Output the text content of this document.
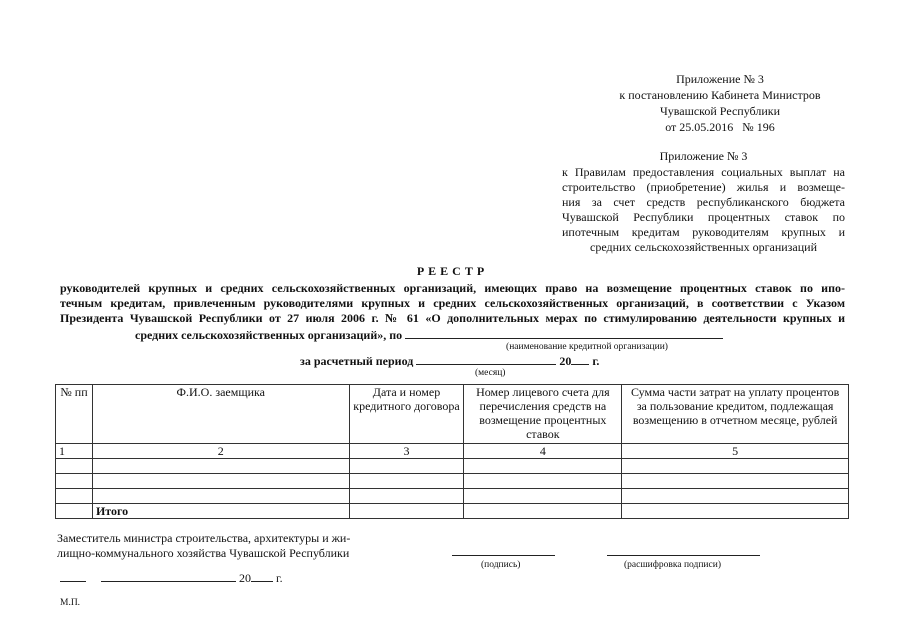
Приложение № 3
к постановлению Кабинета Министров
Чувашской Республики
от 25.05.2016   № 196
Приложение № 3
к Правилам предоставления социальных выплат на
строительство (приобретение) жилья и возмеще-
ния за счет средств республиканского бюджета
Чувашской Республики процентных ставок по
ипотечным кредитам руководителям крупных и
средних сельскохозяйственных организаций
РЕЕСТР
руководителей крупных и средних сельскохозяйственных организаций, имеющих право на возмещение процентных ставок по ипо-
течным кредитам, привлеченным руководителями крупных и средних сельскохозяйственных организаций, в соответствии с Указом
Президента Чувашской Республики от 27 июля 2006 г. № 61 «О дополнительных мерах по стимулированию деятельности крупных и
средних сельскохозяйственных организаций», по
(наименование кредитной организации)
за расчетный период	20 г.
(месяц)
№ пп	Ф.И.О. заемщика	Дата и номер кредитного договора	Номер лицевого счета для перечисления средств на возмещение процентных ставок	Сумма части затрат на уплату процентов за пользование кредитом, подлежащая возмещению в отчетном месяце, рублей
1	2	3	4	5

	Итого			
Заместитель министра строительства, архитектуры и жи-
лищно-коммунального хозяйства Чувашской Республики
(подпись)	(расшифровка подписи)
20 г.
М.П.
